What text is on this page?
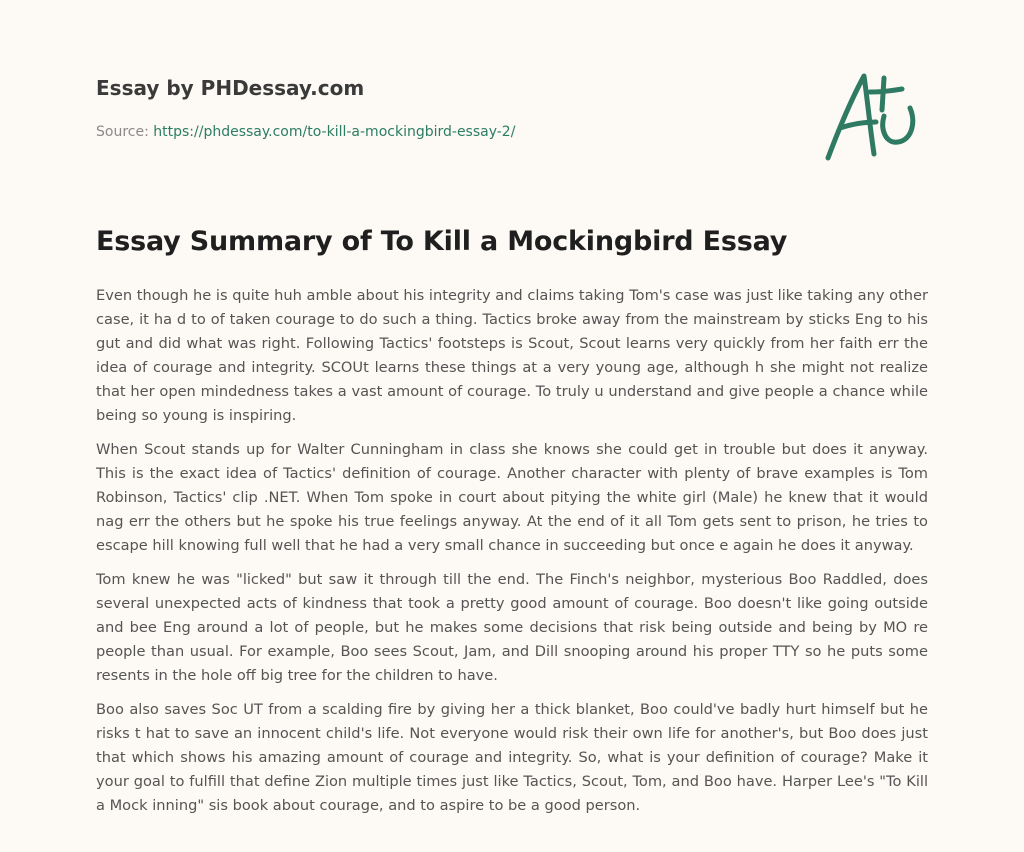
Essay by PHDessay.com

Source: https://phdessay.com/to-kill-a-mockingbird-essay-2/

Essay Summary of To Kill a Mockingbird Essay

Even though he is quite huh amble about his integrity and claims taking Tom's case was just like taking any other case, it ha d to of taken courage to do such a thing. Tactics broke away from the mainstream by sticks Eng to his gut and did what was right. Following Tactics' footsteps is Scout, Scout learns very quickly from her faith err the idea of courage and integrity. SCOUt learns these things at a very young age, although h she might not realize that her open mindedness takes a vast amount of courage. To truly u understand and give people a chance while being so young is inspiring.

When Scout stands up for Walter Cunningham in class she knows she could get in trouble but does it anyway. This is the exact idea of Tactics' definition of courage. Another character with plenty of brave examples is Tom Robinson, Tactics' clip .NET. When Tom spoke in court about pitying the white girl (Male) he knew that it would nag err the others but he spoke his true feelings anyway. At the end of it all Tom gets sent to prison, he tries to escape hill knowing full well that he had a very small chance in succeeding but once e again he does it anyway.

Tom knew he was "licked" but saw it through till the end. The Finch's neighbor, mysterious Boo Raddled, does several unexpected acts of kindness that took a pretty good amount of courage. Boo doesn't like going outside and bee Eng around a lot of people, but he makes some decisions that risk being outside and being by MO re people than usual. For example, Boo sees Scout, Jam, and Dill snooping around his proper TTY so he puts some resents in the hole off big tree for the children to have.

Boo also saves Soc UT from a scalding fire by giving her a thick blanket, Boo could've badly hurt himself but he risks t hat to save an innocent child's life. Not everyone would risk their own life for another's, but Boo does just that which shows his amazing amount of courage and integrity. So, what is your definition of courage? Make it your goal to fulfill that define Zion multiple times just like Tactics, Scout, Tom, and Boo have. Harper Lee's "To Kill a Mock inning" sis book about courage, and to aspire to be a good person.
